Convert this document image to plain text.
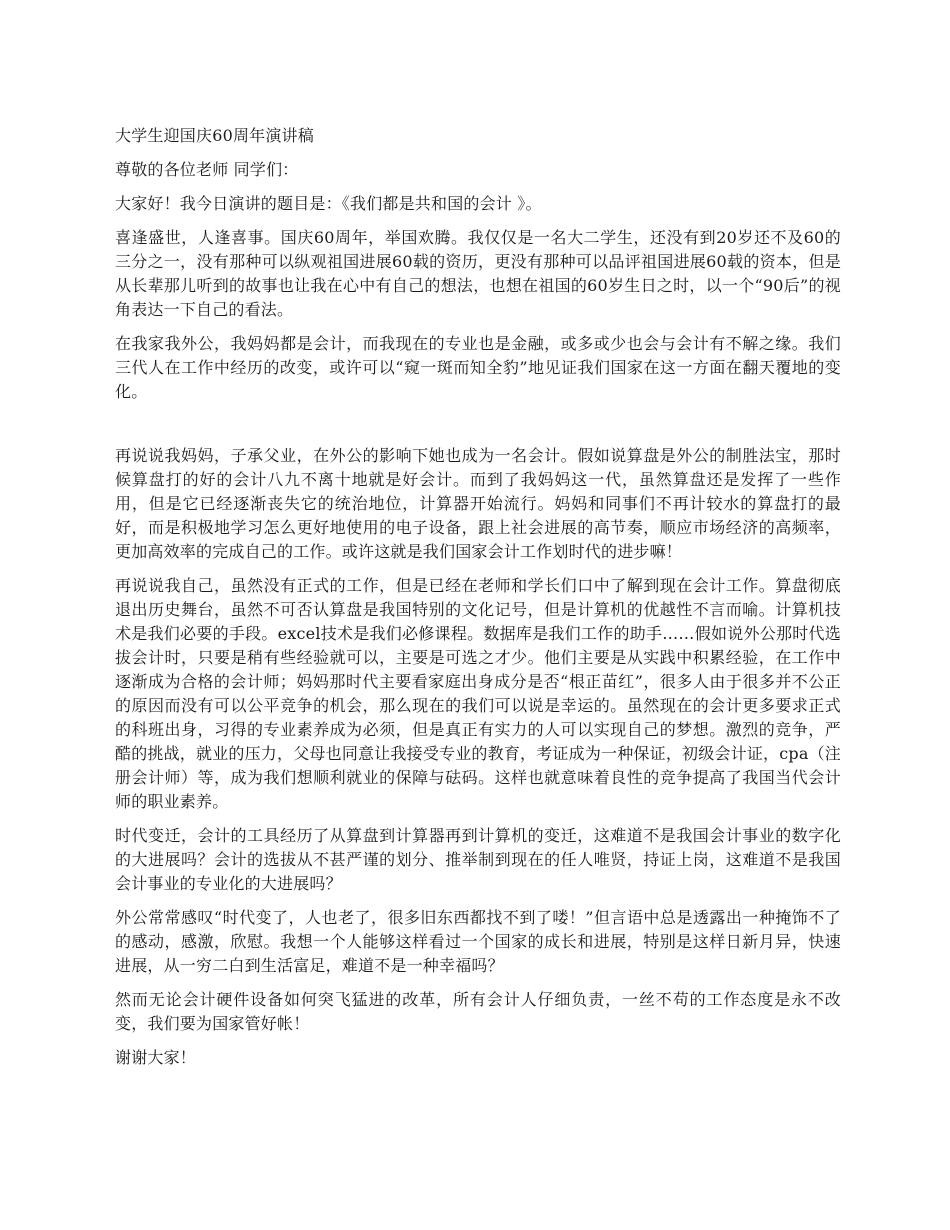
大学生迎国庆60周年演讲稿

尊敬的各位老师 同学们：

大家好！我今日演讲的题目是：《我们都是共和国的会计 》。

喜逢盛世，人逢喜事。国庆60周年，举国欢腾。我仅仅是一名大二学生，还没有到20岁还不及60的三分之一，没有那种可以纵观祖国进展60载的资历，更没有那种可以品评祖国进展60载的资本，但是从长辈那儿听到的故事也让我在心中有自己的想法，也想在祖国的60岁生日之时，以一个“90后”的视角表达一下自己的看法。

在我家我外公，我妈妈都是会计，而我现在的专业也是金融，或多或少也会与会计有不解之缘。我们三代人在工作中经历的改变，或许可以“窥一斑而知全豹”地见证我们国家在这一方面在翻天覆地的变化。

再说说我妈妈，子承父业，在外公的影响下她也成为一名会计。假如说算盘是外公的制胜法宝，那时候算盘打的好的会计八九不离十地就是好会计。而到了我妈妈这一代，虽然算盘还是发挥了一些作用，但是它已经逐渐丧失它的统治地位，计算器开始流行。妈妈和同事们不再计较水的算盘打的最好，而是积极地学习怎么更好地使用的电子设备，跟上社会进展的高节奏，顺应市场经济的高频率，更加高效率的完成自己的工作。或许这就是我们国家会计工作划时代的进步嘛！

再说说我自己，虽然没有正式的工作，但是已经在老师和学长们口中了解到现在会计工作。算盘彻底退出历史舞台，虽然不可否认算盘是我国特别的文化记号，但是计算机的优越性不言而喻。计算机技术是我们必要的手段。excel技术是我们必修课程。数据库是我们工作的助手……假如说外公那时代选拔会计时，只要是稍有些经验就可以，主要是可选之才少。他们主要是从实践中积累经验，在工作中逐渐成为合格的会计师；妈妈那时代主要看家庭出身成分是否“根正苗红”，很多人由于很多并不公正的原因而没有可以公平竞争的机会，那么现在的我们可以说是幸运的。虽然现在的会计更多要求正式的科班出身，习得的专业素养成为必须，但是真正有实力的人可以实现自己的梦想。激烈的竞争，严酷的挑战，就业的压力，父母也同意让我接受专业的教育，考证成为一种保证，初级会计证，cpa（注册会计师）等，成为我们想顺利就业的保障与砝码。这样也就意味着良性的竞争提高了我国当代会计师的职业素养。

时代变迁，会计的工具经历了从算盘到计算器再到计算机的变迁，这难道不是我国会计事业的数字化的大进展吗？会计的选拔从不甚严谨的划分、推举制到现在的任人唯贤，持证上岗，这难道不是我国会计事业的专业化的大进展吗？

外公常常感叹“时代变了，人也老了，很多旧东西都找不到了喽！”但言语中总是透露出一种掩饰不了的感动，感激，欣慰。我想一个人能够这样看过一个国家的成长和进展，特别是这样日新月异，快速进展，从一穷二白到生活富足，难道不是一种幸福吗？

然而无论会计硬件设备如何突飞猛进的改革，所有会计人仔细负责，一丝不苟的工作态度是永不改变，我们要为国家管好帐！

谢谢大家！
